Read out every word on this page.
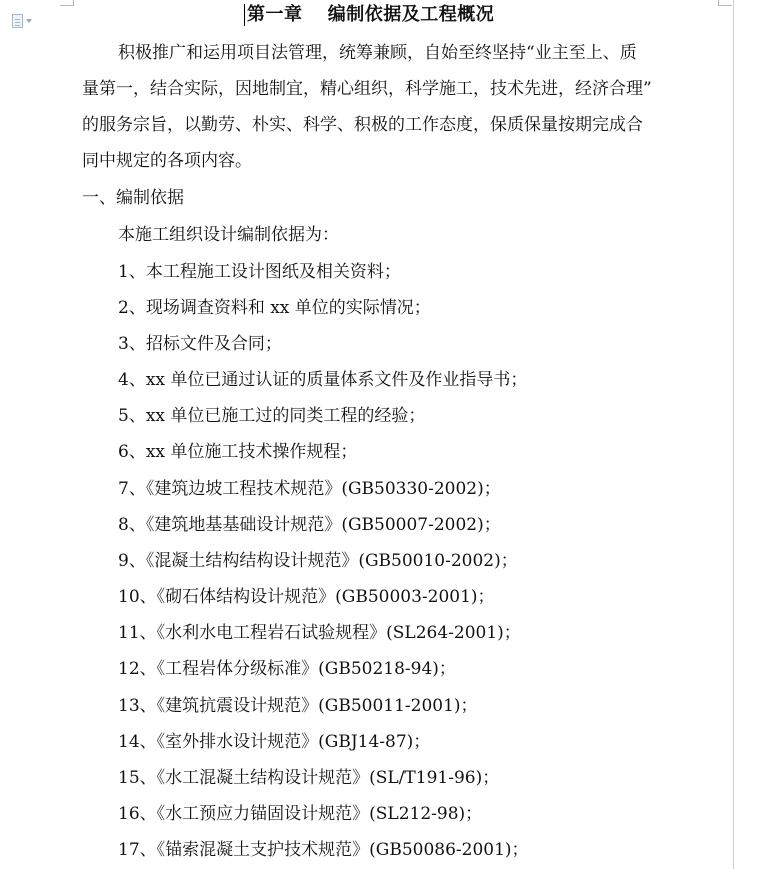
第一章　 编制依据及工程概况
积极推广和运用项目法管理，统筹兼顾，自始至终坚持“业主至上、质
量第一，结合实际，因地制宜，精心组织，科学施工，技术先进，经济合理”
的服务宗旨，以勤劳、朴实、科学、积极的工作态度，保质保量按期完成合
同中规定的各项内容。
一、编制依据
本施工组织设计编制依据为：
1、本工程施工设计图纸及相关资料；
2、现场调查资料和 xx 单位的实际情况；
3、招标文件及合同；
4、xx 单位已通过认证的质量体系文件及作业指导书；
5、xx 单位已施工过的同类工程的经验；
6、xx 单位施工技术操作规程；
7、《建筑边坡工程技术规范》(GB50330-2002)；
8、《建筑地基基础设计规范》(GB50007-2002)；
9、《混凝土结构结构设计规范》(GB50010-2002)；
10、《砌石体结构设计规范》(GB50003-2001)；
11、《水利水电工程岩石试验规程》(SL264-2001)；
12、《工程岩体分级标准》(GB50218-94)；
13、《建筑抗震设计规范》(GB50011-2001)；
14、《室外排水设计规范》(GBJ14-87)；
15、《水工混凝土结构设计规范》(SL/T191-96)；
16、《水工预应力锚固设计规范》(SL212-98)；
17、《锚索混凝土支护技术规范》(GB50086-2001)；
